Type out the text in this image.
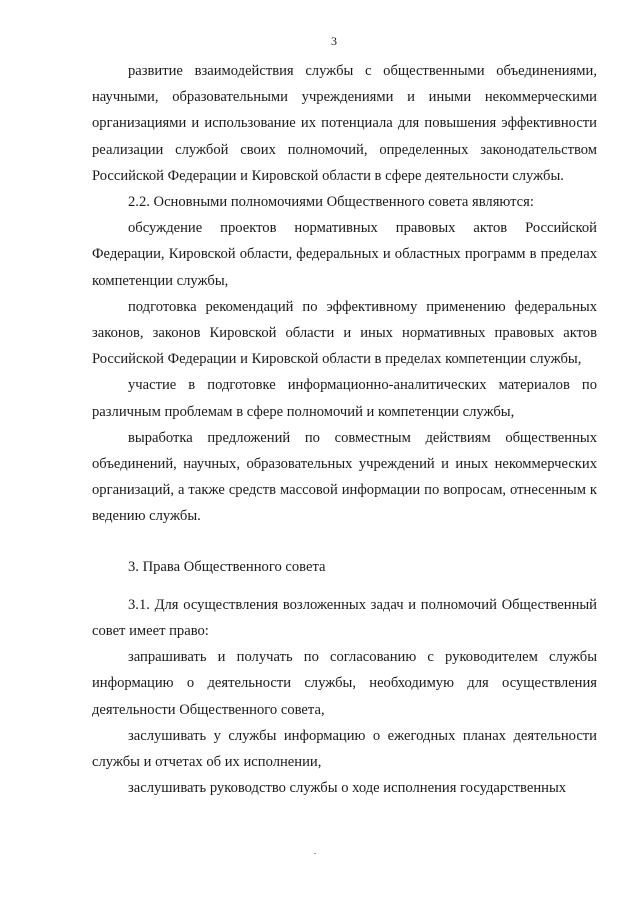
3

развитие взаимодействия службы с общественными объединениями, научными, образовательными учреждениями и иными некоммерческими организациями и использование их потенциала для повышения эффективности реализации службой своих полномочий, определенных законодательством Российской Федерации и Кировской области в сфере деятельности службы.

2.2. Основными полномочиями Общественного совета являются:

обсуждение проектов нормативных правовых актов Российской Федерации, Кировской области, федеральных и областных программ в пределах компетенции службы,

подготовка рекомендаций по эффективному применению федеральных законов, законов Кировской области и иных нормативных правовых актов Российской Федерации и Кировской области в пределах компетенции службы,

участие в подготовке информационно-аналитических материалов по различным проблемам в сфере полномочий и компетенции службы,

выработка предложений по совместным действиям общественных объединений, научных, образовательных учреждений и иных некоммерческих организаций, а также средств массовой информации по вопросам, отнесенным к ведению службы.

3. Права Общественного совета

3.1. Для осуществления возложенных задач и полномочий Общественный совет имеет право:

запрашивать и получать по согласованию с руководителем службы информацию о деятельности службы, необходимую для осуществления деятельности Общественного совета,

заслушивать у службы информацию о ежегодных планах деятельности службы и отчетах об их исполнении,

заслушивать руководство службы о ходе исполнения государственных
